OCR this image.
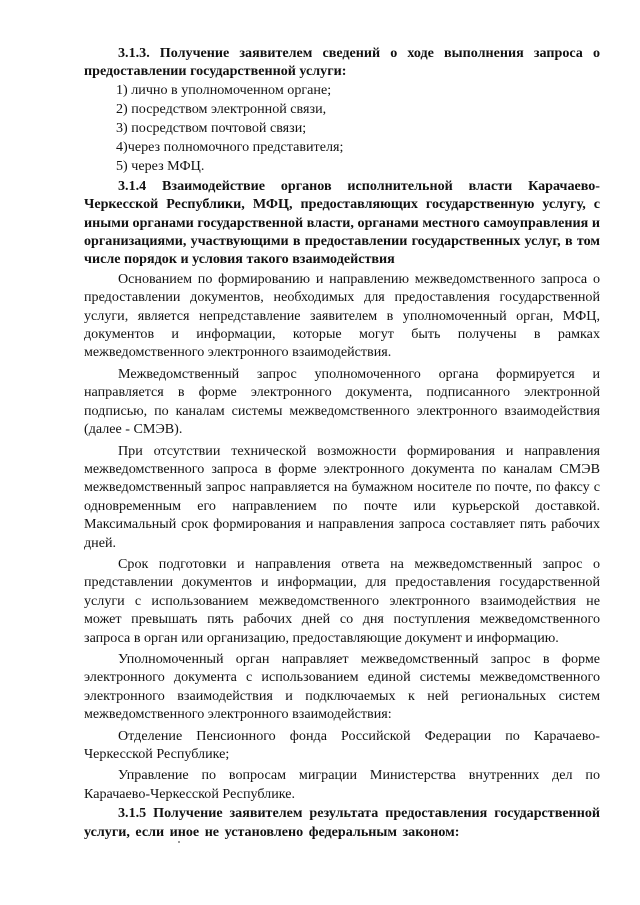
3.1.3. Получение заявителем сведений о ходе выполнения запроса о предоставлении государственной услуги:

1) лично в уполномоченном органе;

2) посредством электронной связи,

3) посредством почтовой связи;

4)через полномочного представителя;

5) через МФЦ.

3.1.4 Взаимодействие органов исполнительной власти Карачаево-Черкесской Республики, МФЦ, предоставляющих государственную услугу, с иными органами государственной власти, органами местного самоуправления и организациями, участвующими в предоставлении государственных услуг, в том числе порядок и условия такого взаимодействия

Основанием по формированию и направлению межведомственного запроса о предоставлении документов, необходимых для предоставления государственной услуги, является непредставление заявителем в уполномоченный орган, МФЦ, документов и информации, которые могут быть получены в рамках межведомственного электронного взаимодействия.

Межведомственный запрос уполномоченного органа формируется и направляется в форме электронного документа, подписанного электронной подписью, по каналам системы межведомственного электронного взаимодействия (далее - СМЭВ).

При отсутствии технической возможности формирования и направления межведомственного запроса в форме электронного документа по каналам СМЭВ межведомственный запрос направляется на бумажном носителе по почте, по факсу с одновременным его направлением по почте или курьерской доставкой. Максимальный срок формирования и направления запроса составляет пять рабочих дней.

Срок подготовки и направления ответа на межведомственный запрос о представлении документов и информации, для предоставления государственной услуги с использованием межведомственного электронного взаимодействия не может превышать пять рабочих дней со дня поступления межведомственного запроса в орган или организацию, предоставляющие документ и информацию.

Уполномоченный орган направляет межведомственный запрос в форме электронного документа с использованием единой системы межведомственного электронного взаимодействия и подключаемых к ней региональных систем межведомственного электронного взаимодействия:

Отделение Пенсионного фонда Российской Федерации по Карачаево-Черкесской Республике;

Управление по вопросам миграции Министерства внутренних дел по Карачаево-Черкесской Республике.

3.1.5 Получение заявителем результата предоставления государственной услуги, если иное не установлено федеральным законом:
